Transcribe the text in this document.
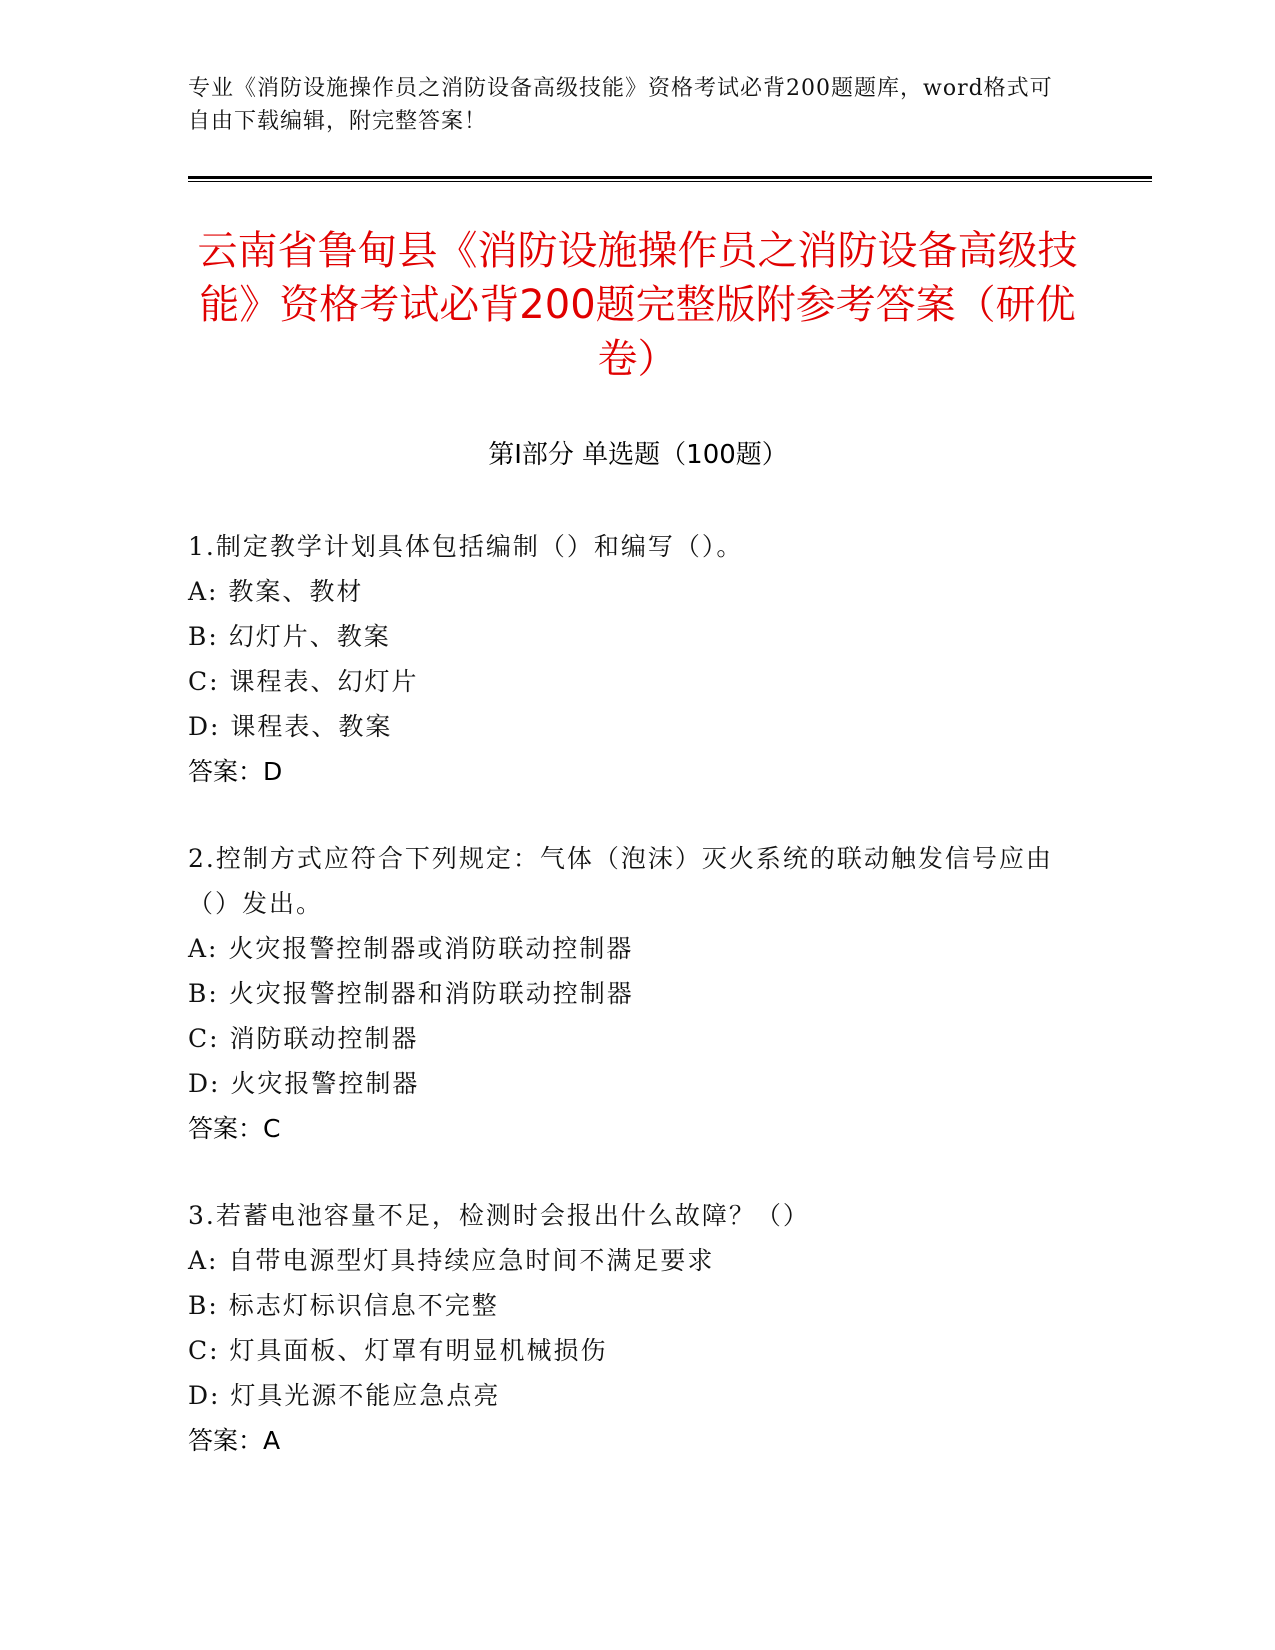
专业《消防设施操作员之消防设备高级技能》资格考试必背200题题库，word格式可自由下载编辑，附完整答案！
云南省鲁甸县《消防设施操作员之消防设备高级技能》资格考试必背200题完整版附参考答案（研优卷）
第I部分 单选题（100题）
1.制定教学计划具体包括编制（）和编写（）。
A: 教案、教材
B: 幻灯片、教案
C: 课程表、幻灯片
D: 课程表、教案
答案：D
2.控制方式应符合下列规定：气体（泡沫）灭火系统的联动触发信号应由（）发出。
A: 火灾报警控制器或消防联动控制器
B: 火灾报警控制器和消防联动控制器
C: 消防联动控制器
D: 火灾报警控制器
答案：C
3.若蓄电池容量不足，检测时会报出什么故障？（）
A: 自带电源型灯具持续应急时间不满足要求
B: 标志灯标识信息不完整
C: 灯具面板、灯罩有明显机械损伤
D: 灯具光源不能应急点亮
答案：A
